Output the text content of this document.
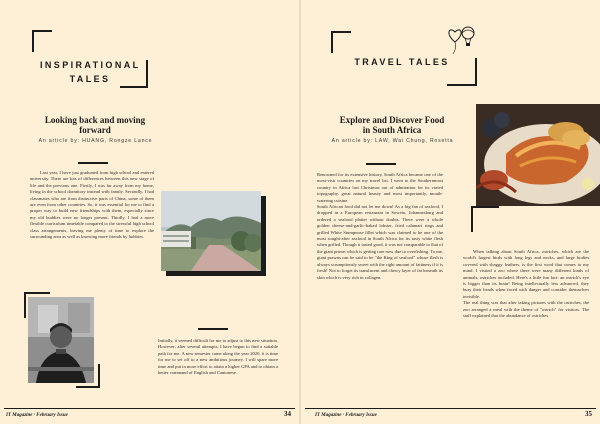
INSPIRATIONAL
TALES
Looking back and moving
forward
An article by: HUANG, Rongze Lance
Last year, I have just graduated from high school and entered university. There are lots of differences between this new stage of life and the previous one. Firstly, I was far away from my home, living in the school dormitory instead with family. Secondly, I had classmates who are from distinctive parts of China, some of them are even from other countries. So, it was essential for me to find a proper way to build new friendships with them, especially since my old buddies were no longer present. Thirdly, I had a more flexible curriculum timetable compared to the stressful high school class arrangements, leaving me plenty of time to explore the surrounding area as well as knowing more friends by hobbies.
Initially, it seemed difficult for me to adjust to this new situation. However, after several attempts, I have begun to find a suitable path for me. A new semester came along the year 2020, it is time for me to set off to a new ambitious journey. I will spare more time and put in more effort to attain a higher GPA and to obtain a better command of English and Cantonese.
IT Magazine · February Issue	34
TRAVEL TALES
Explore and Discover Food
in South Africa
An article by: LAW, Wai Chung, Rosetta
Renowned for its extensive history, South Africa became one of the most-visit countries on my travel list. I went to the Southernmost country in Africa last Christmas out of admiration for its varied topography, great natural beauty and most importantly, mouth-watering cuisine.
South African food did not let me down! As a big fan of seafood, I dropped in a European restaurant in Soweto, Johannesburg and ordered a seafood platter without doubts. There were a whole golden cheese-and-garlic-baked lobster, fried calamari rings and grilled White Stumpnose fillet which was claimed to be one of the most sought-after seafood in South Africa for its tasty white flesh when grilled. Though it tasted good, it was not comparable to that of the giant prawn which is getting rare now due to overfishing. To me, giant prawns can be said to be "the King of seafood" whose flesh is always scrumptiously sweet with the right amount of fattiness if it is fresh! Not to forget its translucent and chewy layer of fat beneath its skin which is very rich in collagen.
When talking about South Africa, ostriches, which are the world's largest birds with long legs and necks, and large bodies covered with shaggy feathers, is the first word that comes to my mind. I visited a zoo where there were many different kinds of animals, ostriches included. Here's a little fun fact: an ostrich's eye is bigger than its brain! Being intellectually less advanced, they bury their heads when faced with danger and consider themselves invisible.
The real thing was that after taking pictures with the ostriches, the zoo arranged a meal with the theme of "ostrich" for visitors. The staff explained that the abundance of ostriches
IT Magazine · February Issue	35
